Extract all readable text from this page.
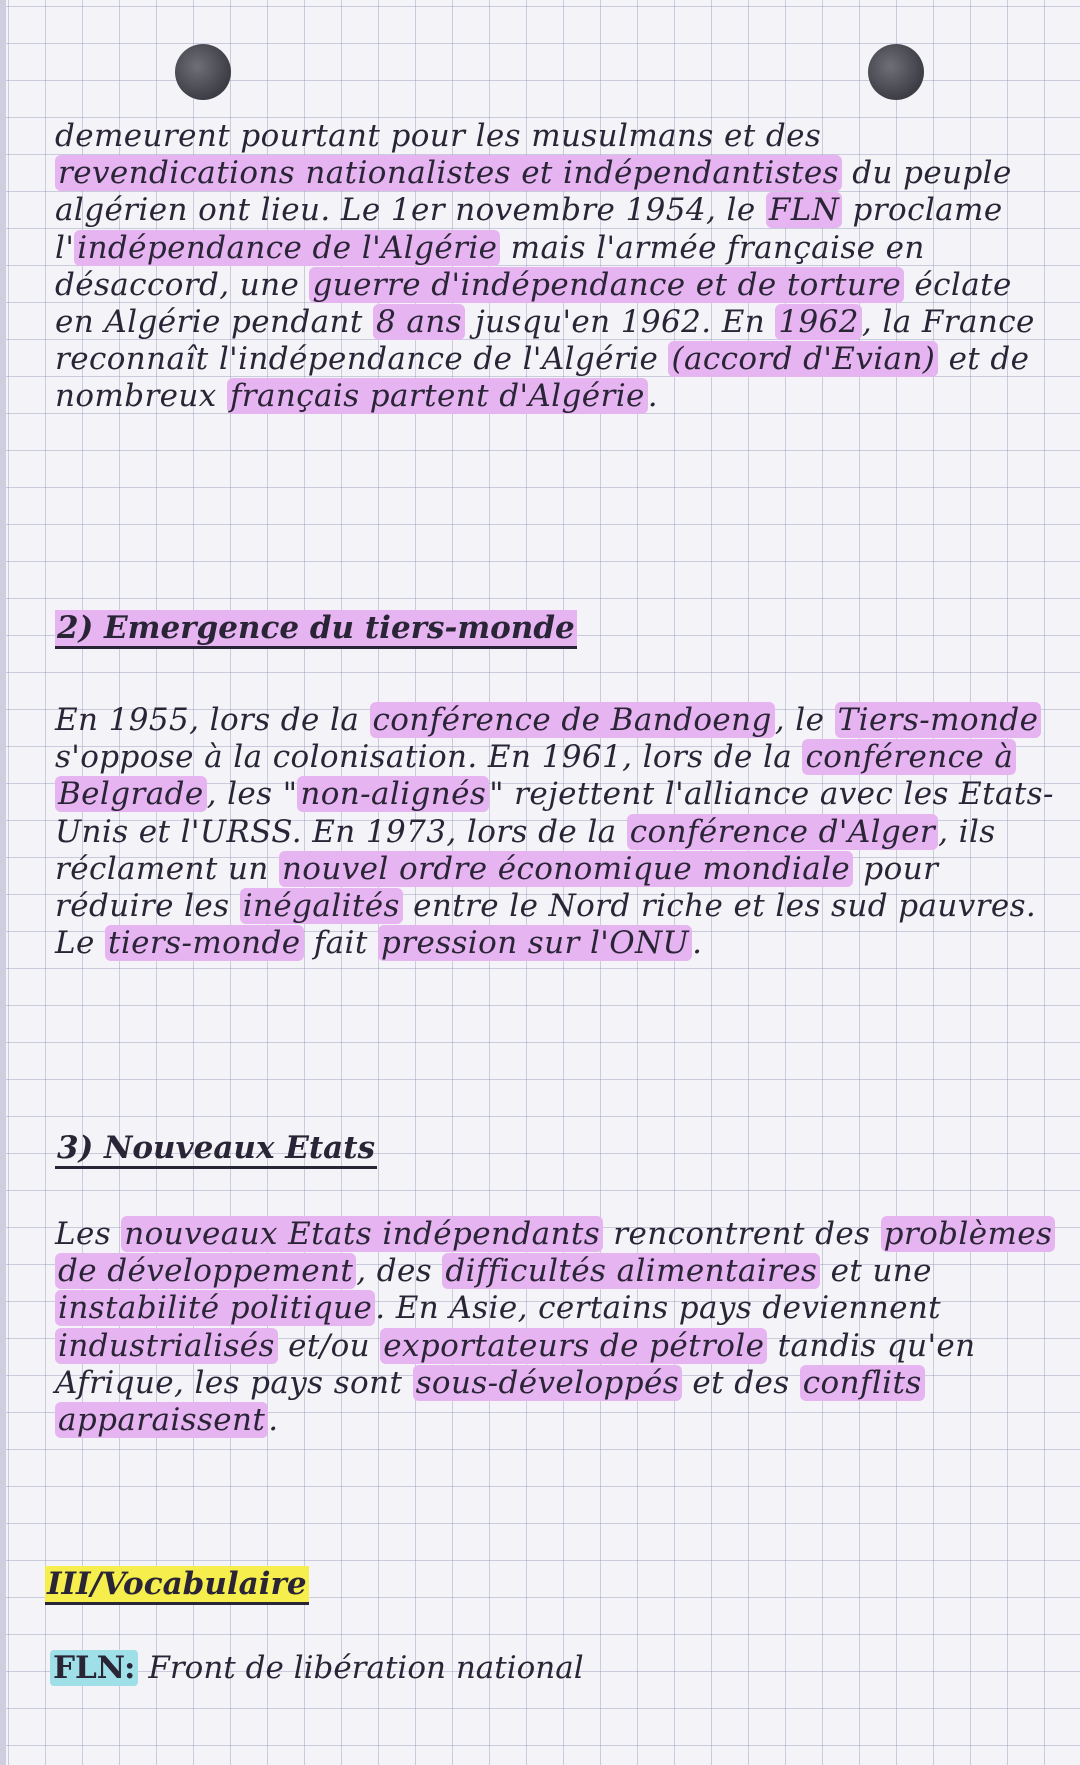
demeurent pourtant pour les musulmans et des revendications nationalistes et indépendantistes du peuple algérien ont lieu. Le 1er novembre 1954, le FLN proclame l'indépendance de l'Algérie mais l'armée française en désaccord, une guerre d'indépendance et de torture éclate en Algérie pendant 8 ans jusqu'en 1962. En 1962, la France reconnaît l'indépendance de l'Algérie (accord d'Evian) et de nombreux français partent d'Algérie.

2) Emergence du tiers-monde

En 1955, lors de la conférence de Bandoeng, le Tiers-monde s'oppose à la colonisation. En 1961, lors de la conférence à Belgrade, les "non-alignés" rejettent l'alliance avec les Etats-Unis et l'URSS. En 1973, lors de la conférence d'Alger, ils réclament un nouvel ordre économique mondiale pour réduire les inégalités entre le Nord riche et les sud pauvres. Le tiers-monde fait pression sur l'ONU.

3) Nouveaux Etats

Les nouveaux Etats indépendants rencontrent des problèmes de développement, des difficultés alimentaires et une instabilité politique. En Asie, certains pays deviennent industrialisés et/ou exportateurs de pétrole tandis qu'en Afrique, les pays sont sous-développés et des conflits apparaissent.

III/Vocabulaire

FLN: Front de libération national
